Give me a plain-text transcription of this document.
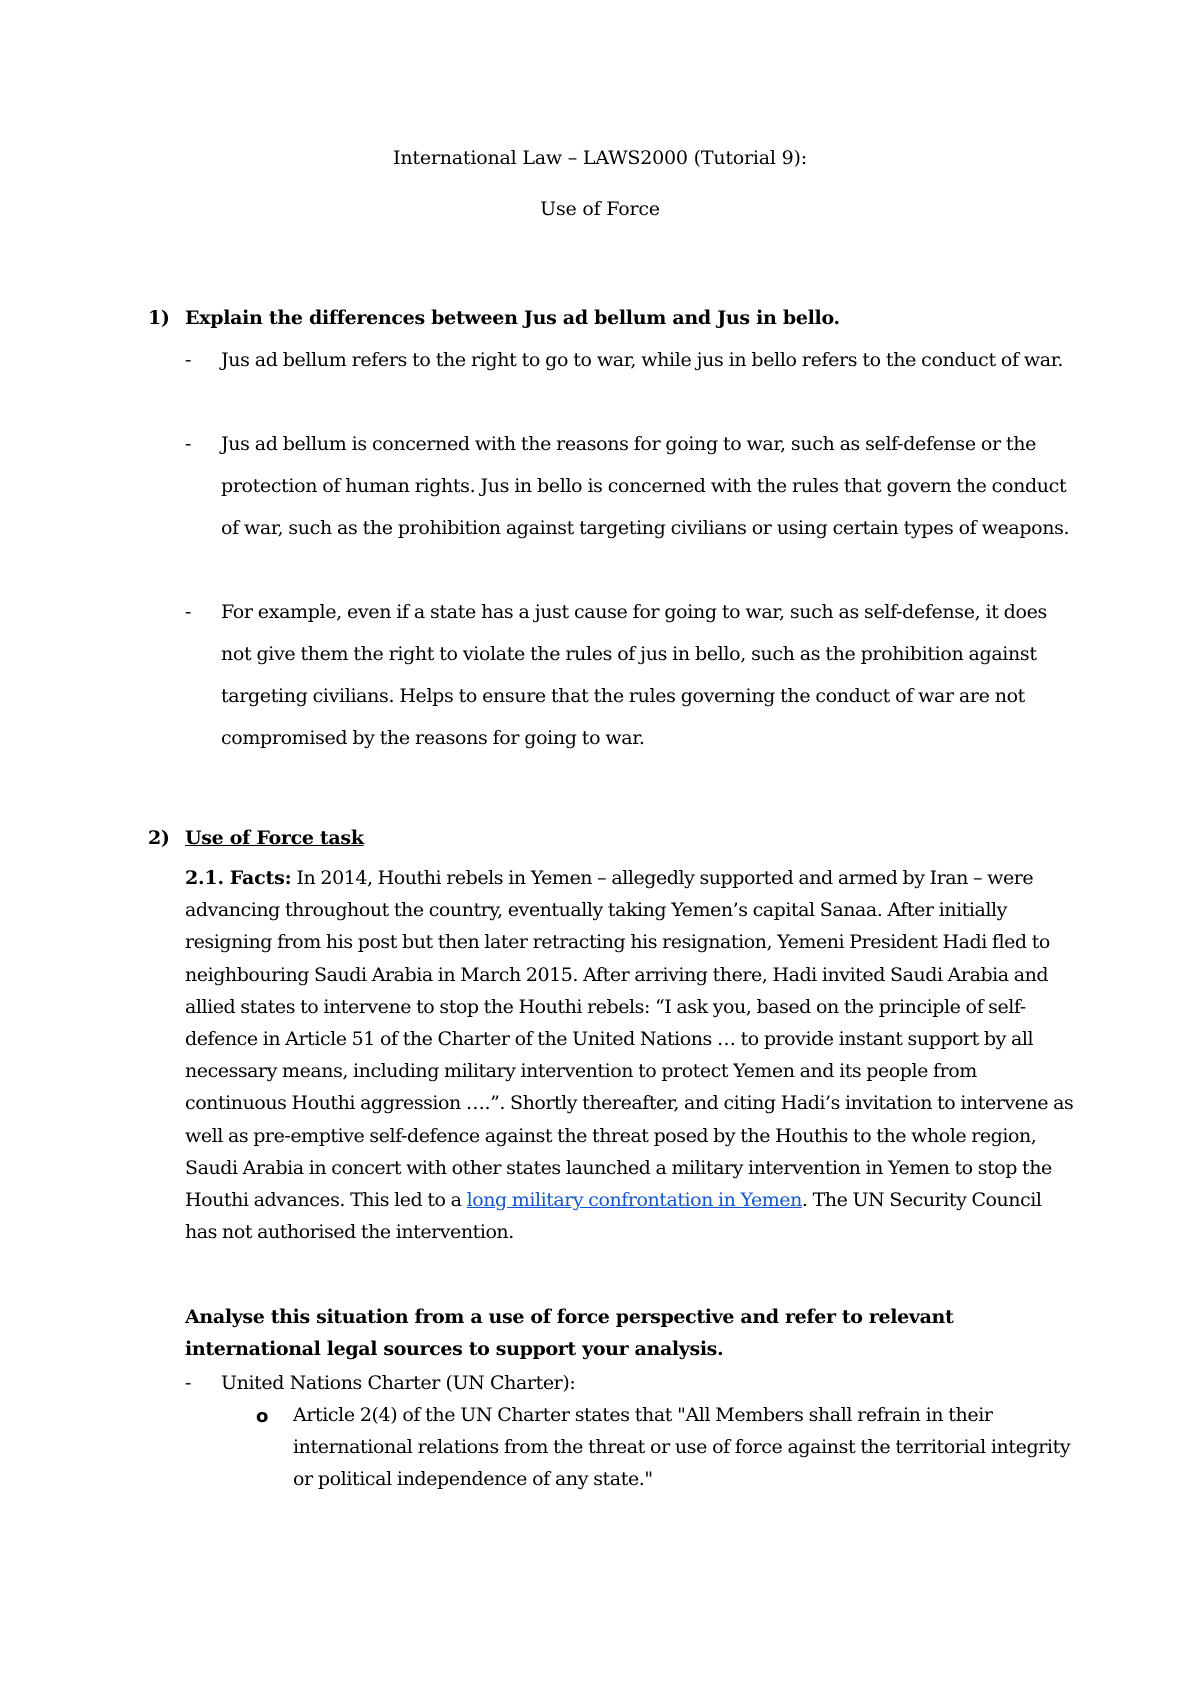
International Law – LAWS2000 (Tutorial 9):
Use of Force
1) Explain the differences between Jus ad bellum and Jus in bello.
- Jus ad bellum refers to the right to go to war, while jus in bello refers to the conduct of war.
- Jus ad bellum is concerned with the reasons for going to war, such as self-defense or the protection of human rights. Jus in bello is concerned with the rules that govern the conduct of war, such as the prohibition against targeting civilians or using certain types of weapons.
- For example, even if a state has a just cause for going to war, such as self-defense, it does not give them the right to violate the rules of jus in bello, such as the prohibition against targeting civilians. Helps to ensure that the rules governing the conduct of war are not compromised by the reasons for going to war.
2) Use of Force task
2.1. Facts: In 2014, Houthi rebels in Yemen – allegedly supported and armed by Iran – were advancing throughout the country, eventually taking Yemen’s capital Sanaa. After initially resigning from his post but then later retracting his resignation, Yemeni President Hadi fled to neighbouring Saudi Arabia in March 2015. After arriving there, Hadi invited Saudi Arabia and allied states to intervene to stop the Houthi rebels: “I ask you, based on the principle of self-defence in Article 51 of the Charter of the United Nations … to provide instant support by all necessary means, including military intervention to protect Yemen and its people from continuous Houthi aggression ….”. Shortly thereafter, and citing Hadi’s invitation to intervene as well as pre-emptive self-defence against the threat posed by the Houthis to the whole region, Saudi Arabia in concert with other states launched a military intervention in Yemen to stop the Houthi advances. This led to a long military confrontation in Yemen. The UN Security Council has not authorised the intervention.
Analyse this situation from a use of force perspective and refer to relevant international legal sources to support your analysis.
- United Nations Charter (UN Charter):
o Article 2(4) of the UN Charter states that "All Members shall refrain in their international relations from the threat or use of force against the territorial integrity or political independence of any state."
